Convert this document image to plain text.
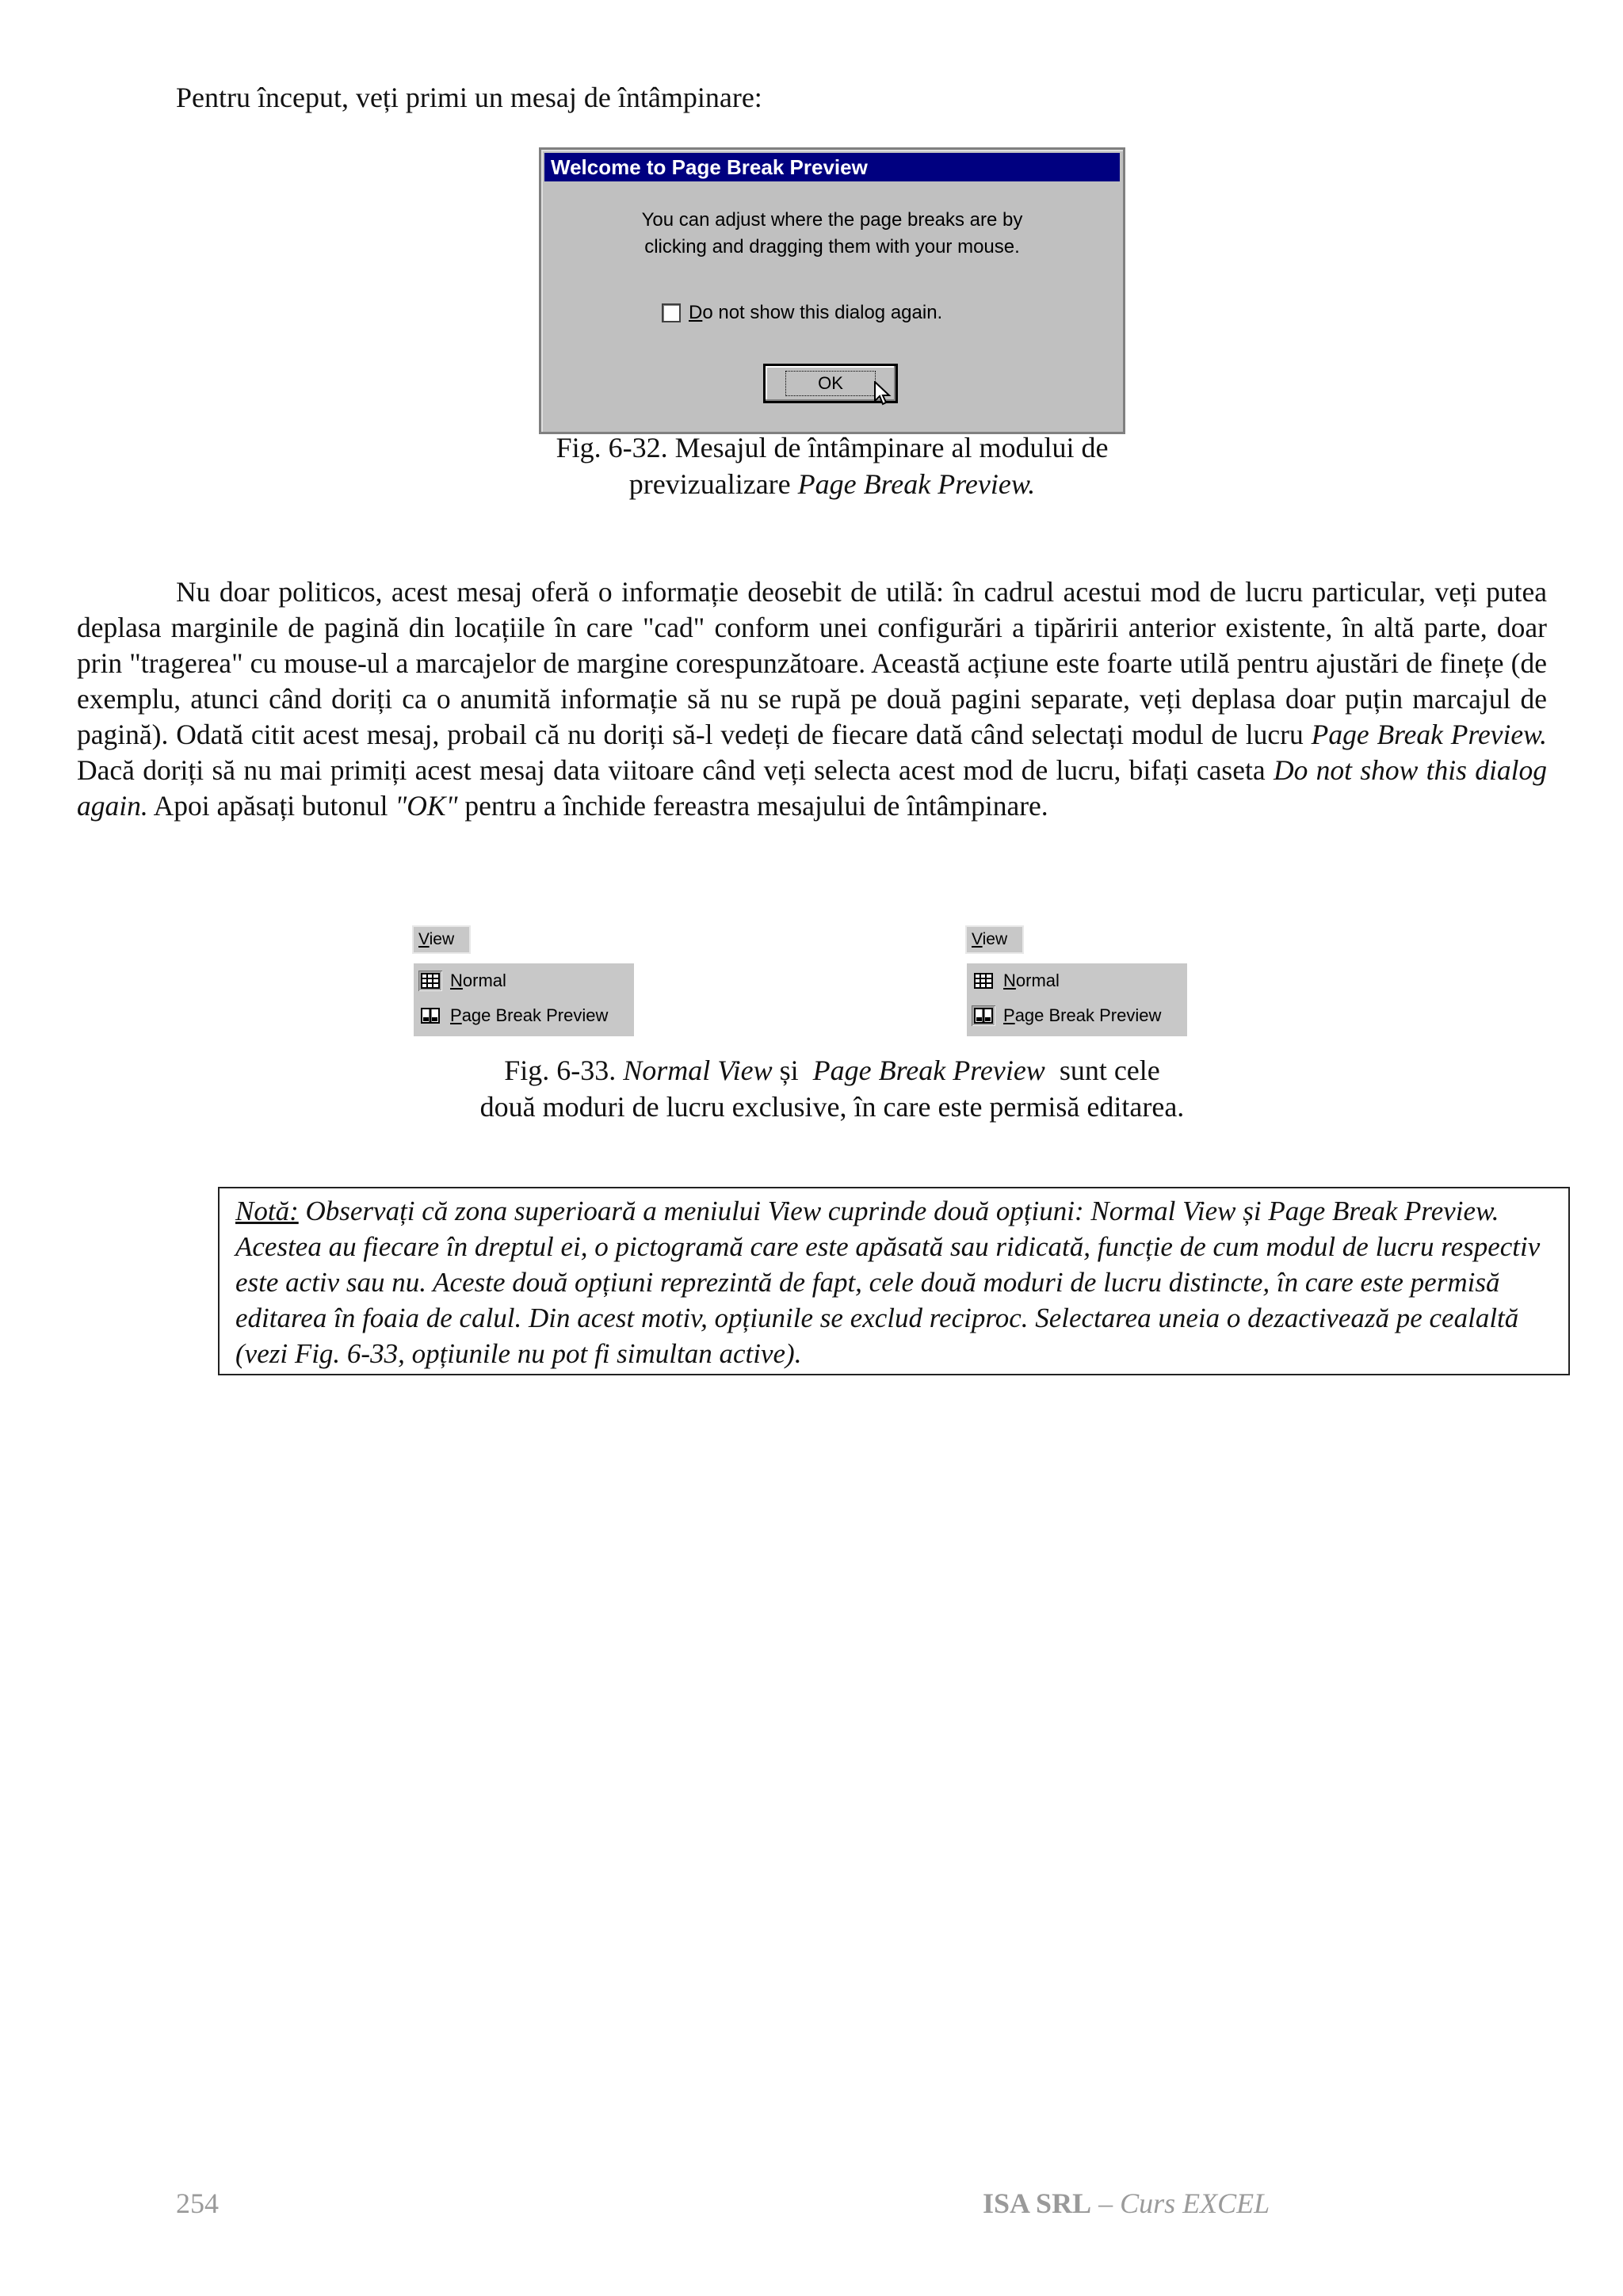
Pentru început, veți primi un mesaj de întâmpinare:
Welcome to Page Break Preview
You can adjust where the page breaks are by
clicking and dragging them with your mouse.
D o not show this dialog again.
OK
Fig. 6-32. Mesajul de întâmpinare al modului de
previzualizare Page Break Preview.
Nu doar politicos, acest mesaj oferă o informație deosebit de utilă: în cadrul acestui mod de lucru particular, veți putea deplasa marginile de pagină din locațiile în care "cad" conform unei configurări a tipăririi anterior existente, în altă parte, doar prin "tragerea" cu mouse-ul a marcajelor de margine corespunzătoare. Această acțiune este foarte utilă pentru ajustări de finețe (de exemplu, atunci când doriți ca o anumită informație să nu se rupă pe două pagini separate, veți deplasa doar puțin marcajul de pagină). Odată citit acest mesaj, probail că nu doriți să-l vedeți de fiecare dată când selectați modul de lucru Page Break Preview. Dacă doriți să nu mai primiți acest mesaj data viitoare când veți selecta acest mod de lucru, bifați caseta Do not show this dialog again. Apoi apăsați butonul "OK" pentru a închide fereastra mesajului de întâmpinare.
View
N ormal
P age Break Preview
View
N ormal
P age Break Preview
Fig. 6-33. Normal View și  Page Break Preview  sunt cele
două moduri de lucru exclusive, în care este permisă editarea.
Notă: Observați că zona superioară a meniului View cuprinde două opțiuni: Normal View și Page Break Preview. Acestea au fiecare în dreptul ei, o pictogramă care este apăsată sau ridicată, funcție de cum modul de lucru respectiv este activ sau nu. Aceste două opțiuni reprezintă de fapt, cele două moduri de lucru distincte, în care este permisă editarea în foaia de calul. Din acest motiv, opțiunile se exclud reciproc. Selectarea uneia o dezactivează pe cealaltă (vezi Fig. 6-33, opțiunile nu pot fi simultan active).
254	ISA SRL – Curs EXCEL
